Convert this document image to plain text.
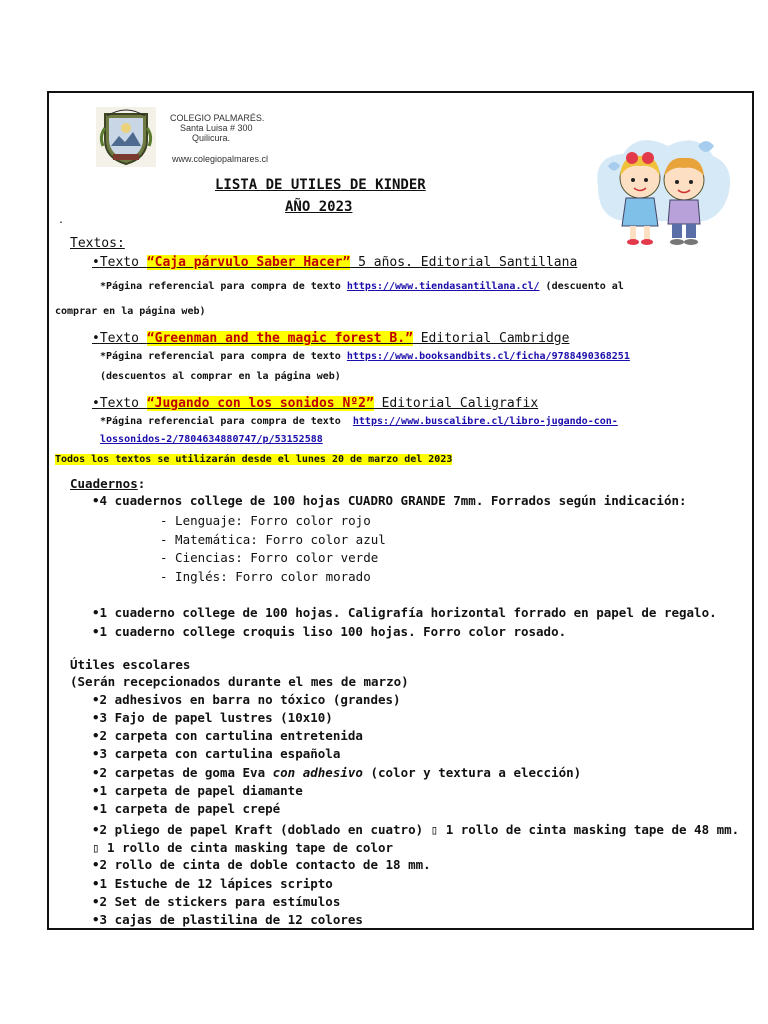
COLEGIO PALMARÉS.
Santa Luisa # 300
Quilicura.
www.colegiopalmares.cl
LISTA DE UTILES DE KINDER
AÑO 2023
.
Textos:
•Texto “Caja párvulo Saber Hacer” 5 años. Editorial Santillana
*Página referencial para compra de texto https://www.tiendasantillana.cl/ (descuento al
comprar en la página web)
•Texto “Greenman and the magic forest B.” Editorial Cambridge
*Página referencial para compra de texto https://www.booksandbits.cl/ficha/9788490368251
(descuentos al comprar en la página web)
•Texto “Jugando con los sonidos Nº2” Editorial Caligrafix
*Página referencial para compra de texto https://www.buscalibre.cl/libro-jugando-con-
lossonidos-2/7804634880747/p/53152588
Todos los textos se utilizarán desde el lunes 20 de marzo del 2023
Cuadernos:
•4 cuadernos college de 100 hojas CUADRO GRANDE 7mm. Forrados según indicación:
- Lenguaje: Forro color rojo
- Matemática: Forro color azul
- Ciencias: Forro color verde
- Inglés: Forro color morado
•1 cuaderno college de 100 hojas. Caligrafía horizontal forrado en papel de regalo.
•1 cuaderno college croquis liso 100 hojas. Forro color rosado.
Útiles escolares
(Serán recepcionados durante el mes de marzo)
•2 adhesivos en barra no tóxico (grandes)
•3 Fajo de papel lustres (10x10)
•2 carpeta con cartulina entretenida
•3 carpeta con cartulina española
•2 carpetas de goma Eva con adhesivo (color y textura a elección)
•1 carpeta de papel diamante
•1 carpeta de papel crepé
•2 pliego de papel Kraft (doblado en cuatro) ▯ 1 rollo de cinta masking tape de 48 mm.
▯ 1 rollo de cinta masking tape de color
•2 rollo de cinta de doble contacto de 18 mm.
•1 Estuche de 12 lápices scripto
•2 Set de stickers para estímulos
•3 cajas de plastilina de 12 colores
